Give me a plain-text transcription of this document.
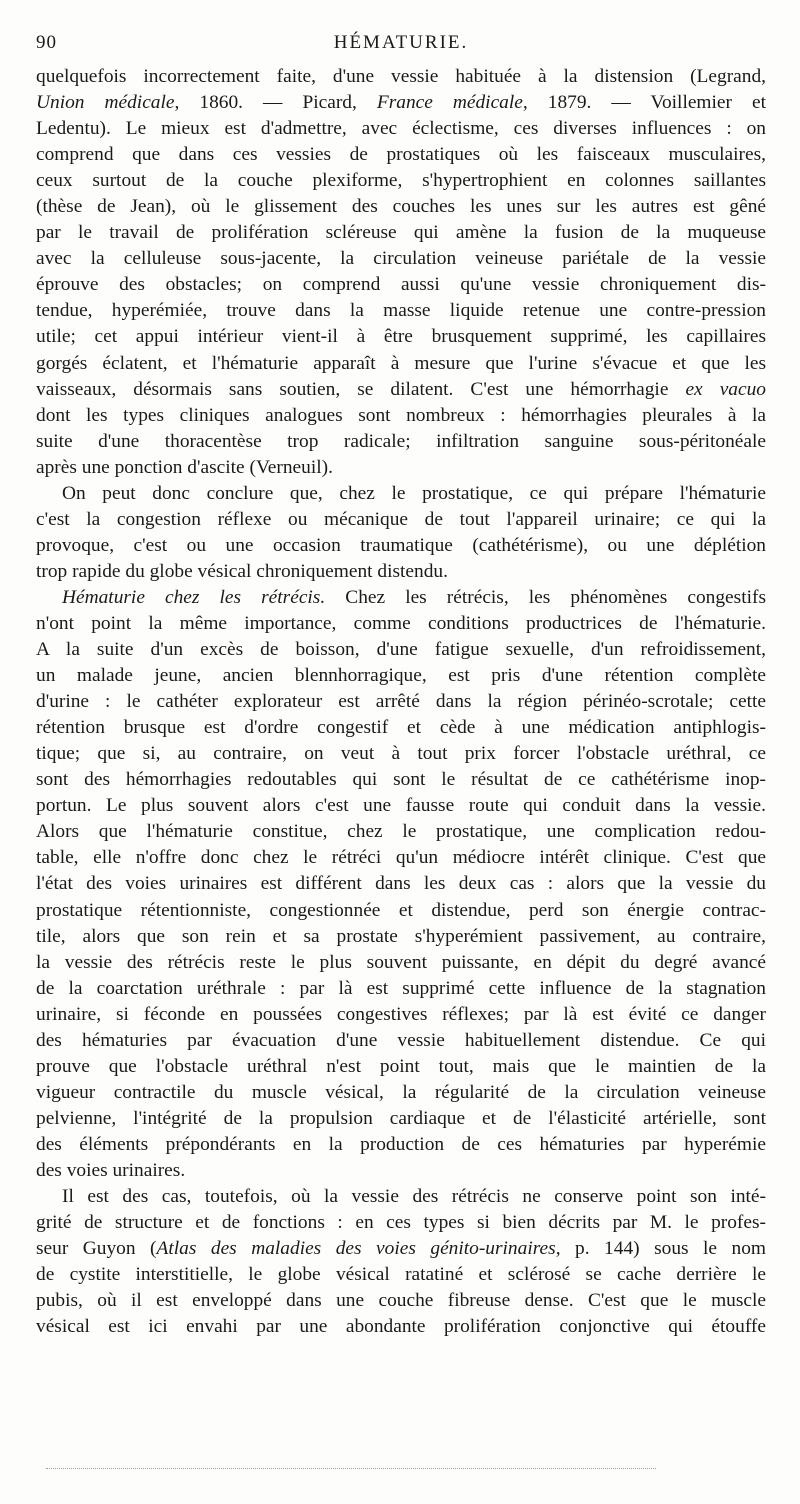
90	HÉMATURIE.
quelquefois incorrectement faite, d'une vessie habituée à la distension (Legrand,
Union médicale, 1860. — Picard, France médicale, 1879. — Voillemier et
Ledentu). Le mieux est d'admettre, avec éclectisme, ces diverses influences : on
comprend que dans ces vessies de prostatiques où les faisceaux musculaires,
ceux surtout de la couche plexiforme, s'hypertrophient en colonnes saillantes
(thèse de Jean), où le glissement des couches les unes sur les autres est gêné
par le travail de prolifération scléreuse qui amène la fusion de la muqueuse
avec la celluleuse sous-jacente, la circulation veineuse pariétale de la vessie
éprouve des obstacles; on comprend aussi qu'une vessie chroniquement dis-
tendue, hyperémiée, trouve dans la masse liquide retenue une contre-pression
utile; cet appui intérieur vient-il à être brusquement supprimé, les capillaires
gorgés éclatent, et l'hématurie apparaît à mesure que l'urine s'évacue et que les
vaisseaux, désormais sans soutien, se dilatent. C'est une hémorrhagie ex vacuo
dont les types cliniques analogues sont nombreux : hémorrhagies pleurales à la
suite d'une thoracentèse trop radicale; infiltration sanguine sous-péritonéale
après une ponction d'ascite (Verneuil).
On peut donc conclure que, chez le prostatique, ce qui prépare l'hématurie
c'est la congestion réflexe ou mécanique de tout l'appareil urinaire; ce qui la
provoque, c'est ou une occasion traumatique (cathétérisme), ou une déplétion
trop rapide du globe vésical chroniquement distendu.
Hématurie chez les rétrécis. Chez les rétrécis, les phénomènes congestifs
n'ont point la même importance, comme conditions productrices de l'hématurie.
A la suite d'un excès de boisson, d'une fatigue sexuelle, d'un refroidissement,
un malade jeune, ancien blennhorragique, est pris d'une rétention complète
d'urine : le cathéter explorateur est arrêté dans la région périnéo-scrotale; cette
rétention brusque est d'ordre congestif et cède à une médication antiphlogis-
tique; que si, au contraire, on veut à tout prix forcer l'obstacle uréthral, ce
sont des hémorrhagies redoutables qui sont le résultat de ce cathétérisme inop-
portun. Le plus souvent alors c'est une fausse route qui conduit dans la vessie.
Alors que l'hématurie constitue, chez le prostatique, une complication redou-
table, elle n'offre donc chez le rétréci qu'un médiocre intérêt clinique. C'est que
l'état des voies urinaires est différent dans les deux cas : alors que la vessie du
prostatique rétentionniste, congestionnée et distendue, perd son énergie contrac-
tile, alors que son rein et sa prostate s'hyperémient passivement, au contraire,
la vessie des rétrécis reste le plus souvent puissante, en dépit du degré avancé
de la coarctation uréthrale : par là est supprimé cette influence de la stagnation
urinaire, si féconde en poussées congestives réflexes; par là est évité ce danger
des hématuries par évacuation d'une vessie habituellement distendue. Ce qui
prouve que l'obstacle uréthral n'est point tout, mais que le maintien de la
vigueur contractile du muscle vésical, la régularité de la circulation veineuse
pelvienne, l'intégrité de la propulsion cardiaque et de l'élasticité artérielle, sont
des éléments prépondérants en la production de ces hématuries par hyperémie
des voies urinaires.
Il est des cas, toutefois, où la vessie des rétrécis ne conserve point son inté-
grité de structure et de fonctions : en ces types si bien décrits par M. le profes-
seur Guyon (Atlas des maladies des voies génito-urinaires, p. 144) sous le nom
de cystite interstitielle, le globe vésical ratatiné et sclérosé se cache derrière le
pubis, où il est enveloppé dans une couche fibreuse dense. C'est que le muscle
vésical est ici envahi par une abondante prolifération conjonctive qui étouffe
